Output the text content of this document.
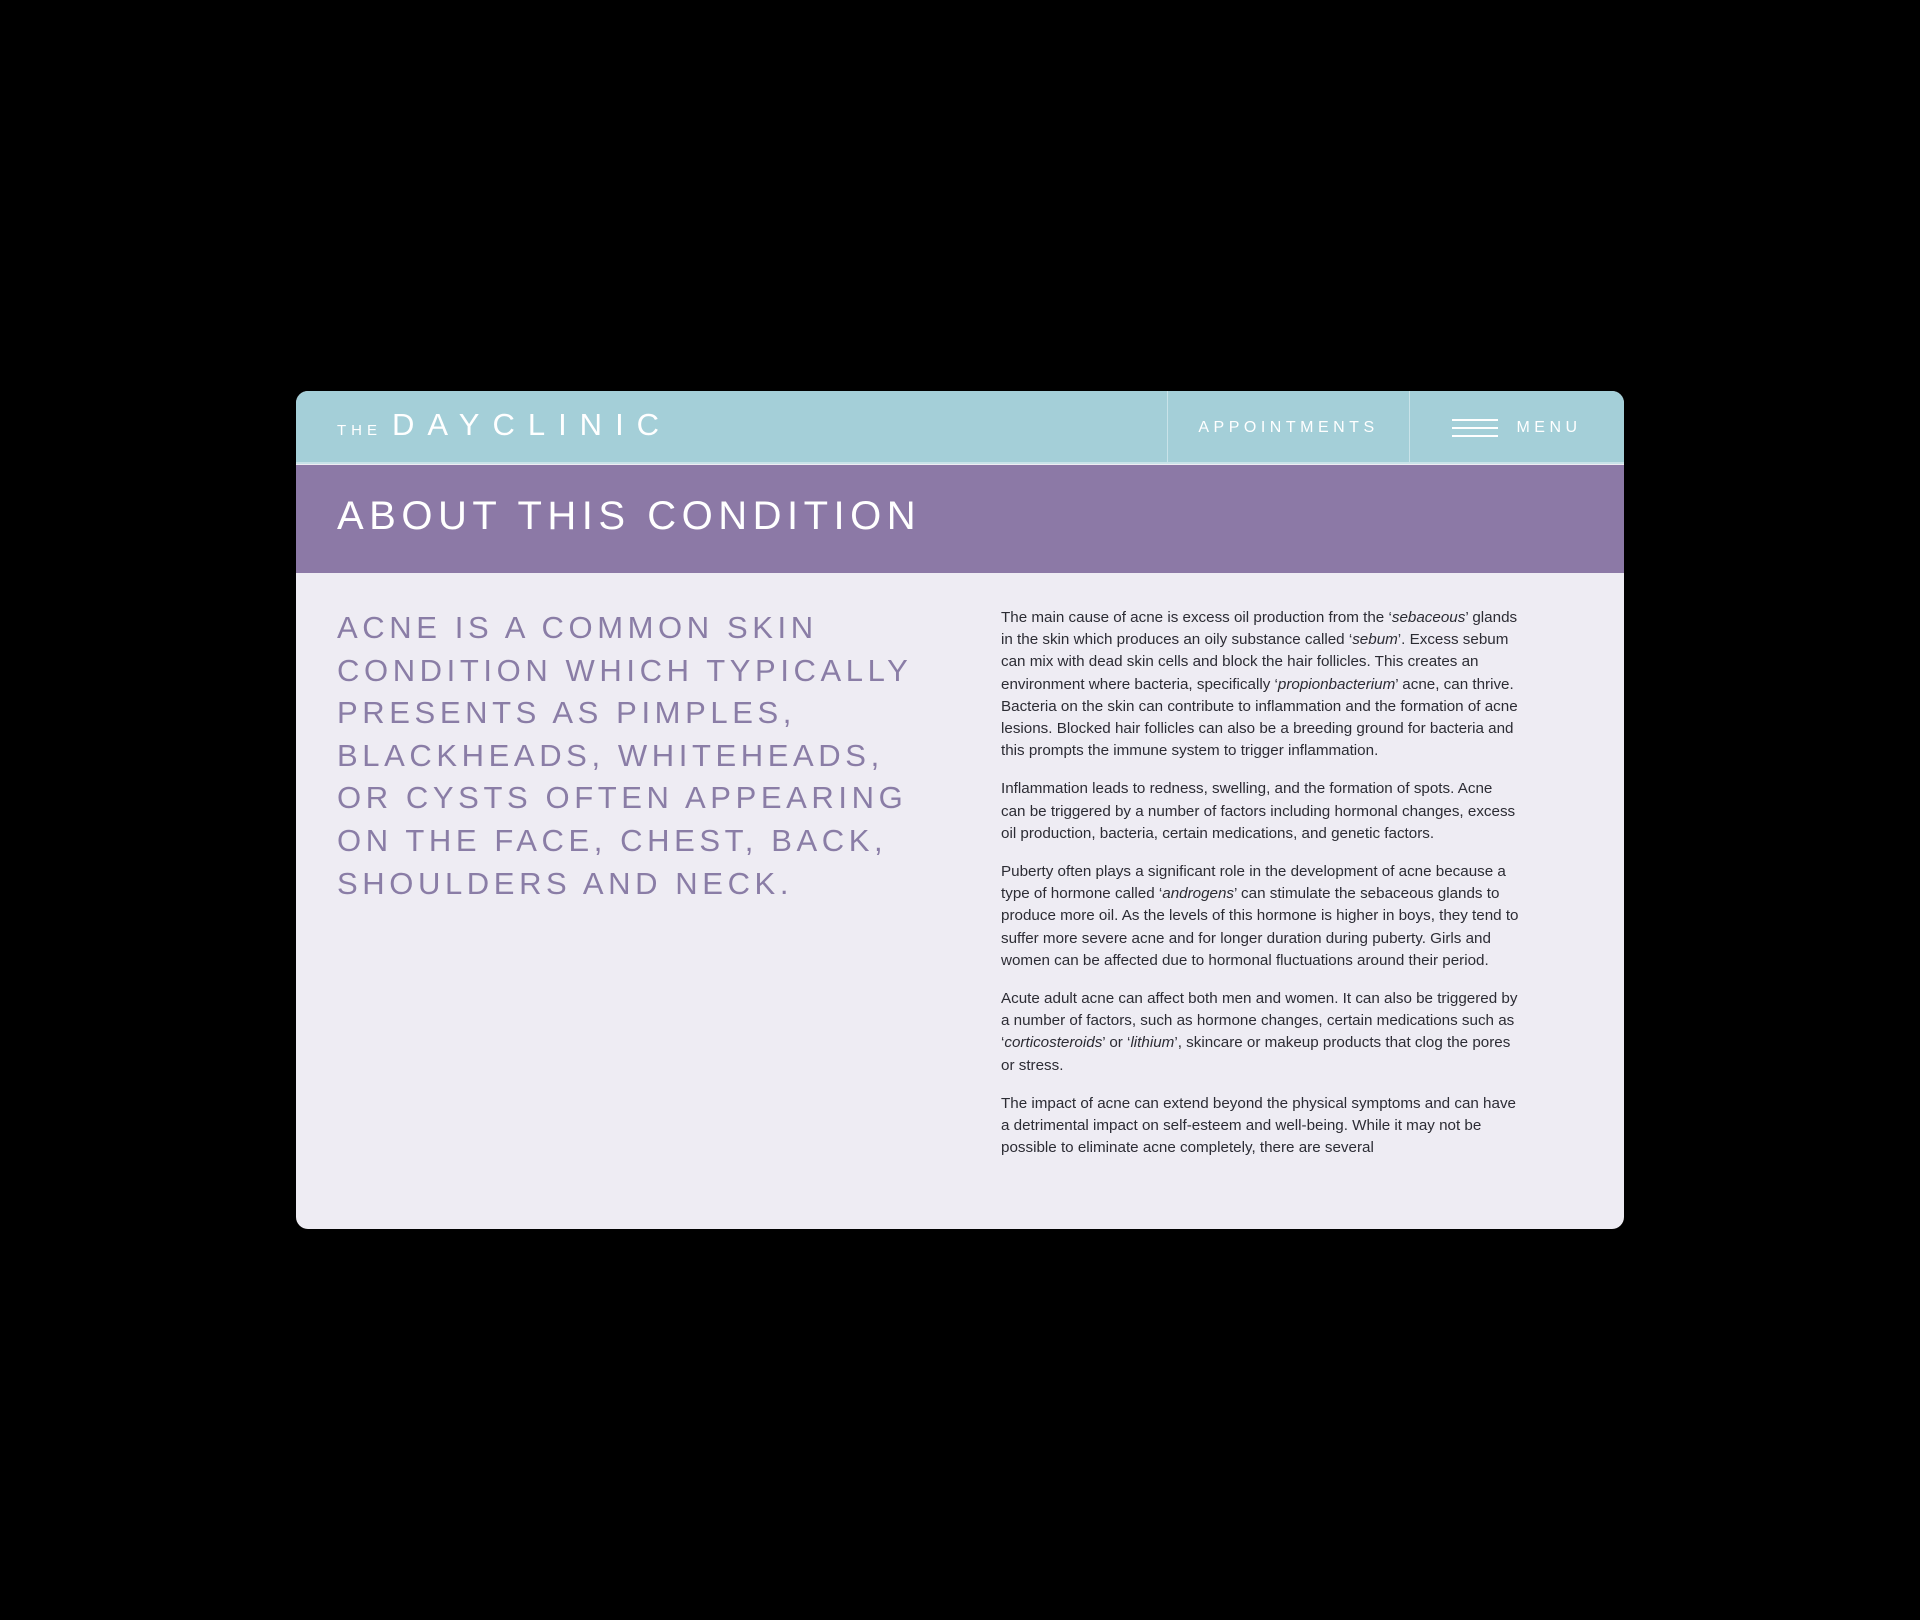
THE DAYCLINIC	APPOINTMENTS	MENU
ABOUT THIS CONDITION

ACNE IS A COMMON SKIN CONDITION WHICH TYPICALLY PRESENTS AS PIMPLES, BLACKHEADS, WHITEHEADS, OR CYSTS OFTEN APPEARING ON THE FACE, CHEST, BACK, SHOULDERS AND NECK.

The main cause of acne is excess oil production from the ‘sebaceous’ glands in the skin which produces an oily substance called ‘sebum’. Excess sebum can mix with dead skin cells and block the hair follicles. This creates an environment where bacteria, specifically ‘propionbacterium’ acne, can thrive. Bacteria on the skin can contribute to inflammation and the formation of acne lesions. Blocked hair follicles can also be a breeding ground for bacteria and this prompts the immune system to trigger inflammation.

Inflammation leads to redness, swelling, and the formation of spots. Acne can be triggered by a number of factors including hormonal changes, excess oil production, bacteria, certain medications, and genetic factors.

Puberty often plays a significant role in the development of acne because a type of hormone called ‘androgens’ can stimulate the sebaceous glands to produce more oil. As the levels of this hormone is higher in boys, they tend to suffer more severe acne and for longer duration during puberty. Girls and women can be affected due to hormonal fluctuations around their period.

Acute adult acne can affect both men and women. It can also be triggered by a number of factors, such as hormone changes, certain medications such as ‘corticosteroids’ or ‘lithium’, skincare or makeup products that clog the pores or stress.

The impact of acne can extend beyond the physical symptoms and can have a detrimental impact on self-esteem and well-being. While it may not be possible to eliminate acne completely, there are several
